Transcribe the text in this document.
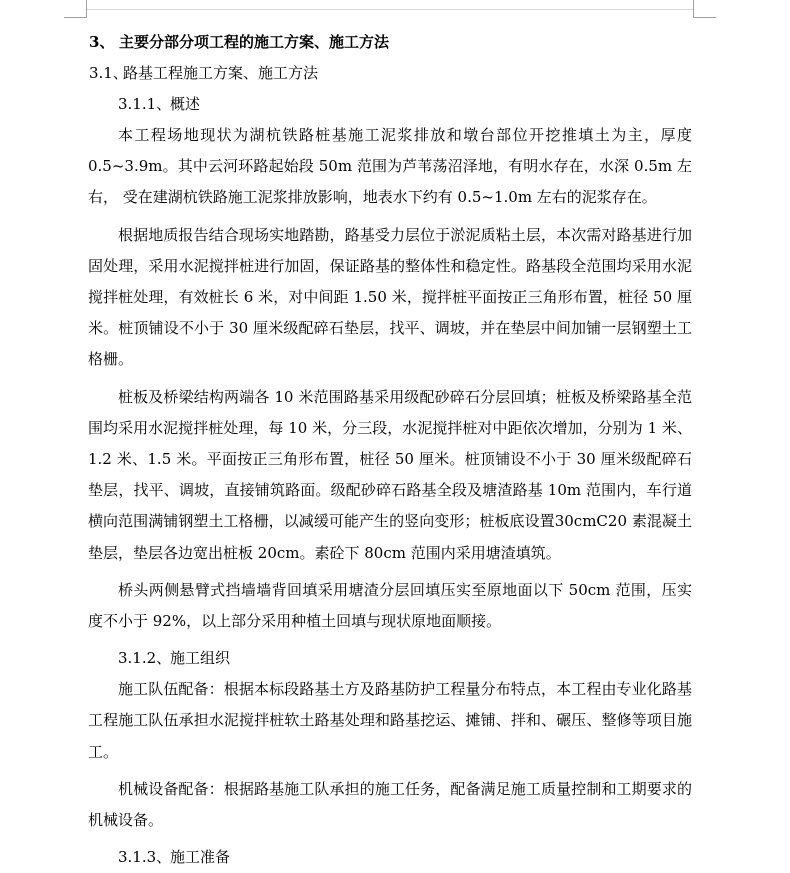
3、 主要分部分项工程的施工方案、施工方法
3.1、路基工程施工方案、施工方法
3.1.1、概述

本工程场地现状为湖杭铁路桩基施工泥浆排放和墩台部位开挖推填土为主，厚度 0.5~3.9m。其中云河环路起始段 50m 范围为芦苇荡沼泽地，有明水存在，水深 0.5m 左右， 受在建湖杭铁路施工泥浆排放影响，地表水下约有 0.5~1.0m 左右的泥浆存在。

根据地质报告结合现场实地踏勘，路基受力层位于淤泥质粘土层，本次需对路基进行加固处理，采用水泥搅拌桩进行加固，保证路基的整体性和稳定性。路基段全范围均采用水泥搅拌桩处理，有效桩长 6 米，对中间距 1.50 米，搅拌桩平面按正三角形布置，桩径 50 厘米。桩顶铺设不小于 30 厘米级配碎石垫层，找平、调坡，并在垫层中间加铺一层钢塑土工格栅。

桩板及桥梁结构两端各 10 米范围路基采用级配砂碎石分层回填；桩板及桥梁路基全范围均采用水泥搅拌桩处理，每 10 米，分三段，水泥搅拌桩对中距依次增加，分别为 1 米、1.2 米、1.5 米。平面按正三角形布置，桩径 50 厘米。桩顶铺设不小于 30 厘米级配碎石垫层，找平、调坡，直接铺筑路面。级配砂碎石路基全段及塘渣路基 10m 范围内，车行道横向范围满铺钢塑土工格栅，以减缓可能产生的竖向变形；桩板底设置30cmC20 素混凝土垫层，垫层各边宽出桩板 20cm。素砼下 80cm 范围内采用塘渣填筑。

桥头两侧悬臂式挡墙墙背回填采用塘渣分层回填压实至原地面以下 50cm 范围，压实度不小于 92%，以上部分采用种植土回填与现状原地面顺接。

3.1.2、施工组织

施工队伍配备：根据本标段路基土方及路基防护工程量分布特点，本工程由专业化路基工程施工队伍承担水泥搅拌桩软土路基处理和路基挖运、摊铺、拌和、碾压、整修等项目施工。

机械设备配备：根据路基施工队承担的施工任务，配备满足施工质量控制和工期要求的机械设备。

3.1.3、施工准备
